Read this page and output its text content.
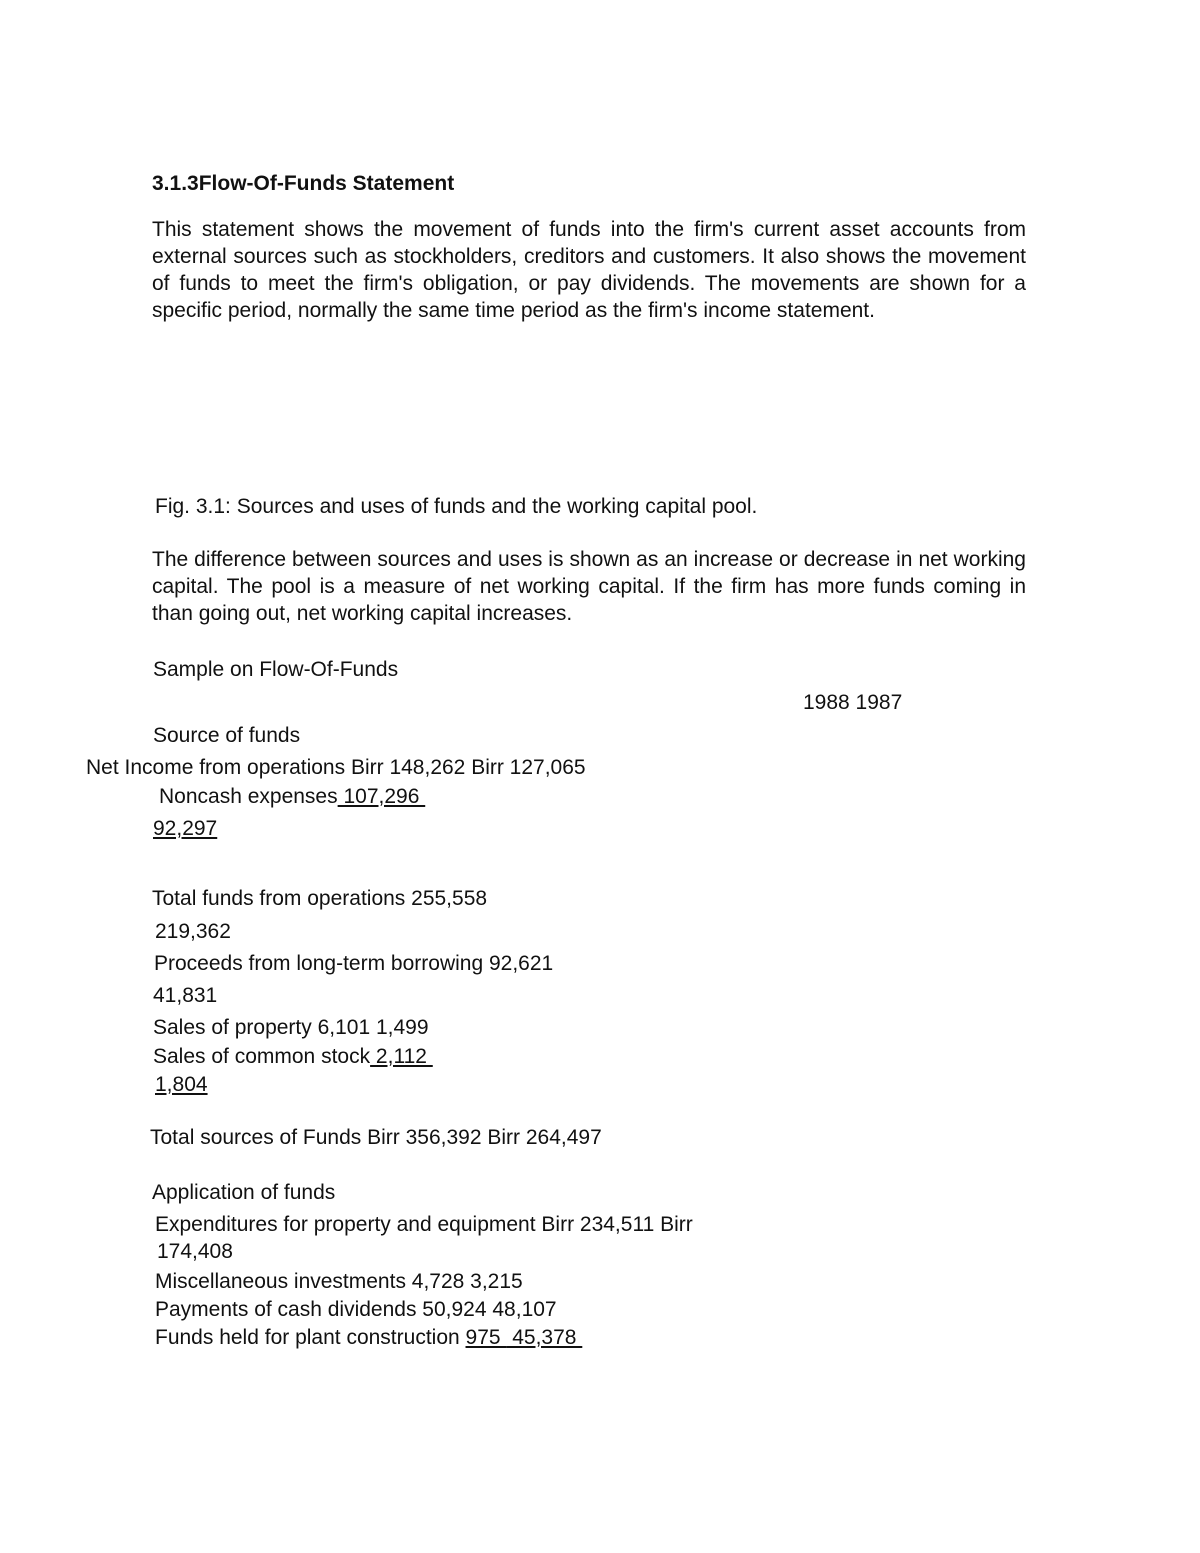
3.1.3Flow-Of-Funds Statement
This statement shows the movement of funds into the firm's current asset accounts from external sources such as stockholders, creditors and customers. It also shows the movement of funds to meet the firm's obligation, or pay dividends. The movements are shown for a specific period, normally the same time period as the firm's income statement.
Fig. 3.1: Sources and uses of funds and the working capital pool.
The difference between sources and uses is shown as an increase or decrease in net working capital. The pool is a measure of net working capital. If the firm has more funds coming in than going out, net working capital increases.
Sample on Flow-Of-Funds
1988 1987
Source of funds
Net Income from operations Birr 148,262 Birr 127,065
Noncash expenses 107,296
92,297
Total funds from operations 255,558
219,362
Proceeds from long-term borrowing 92,621
41,831
Sales of property 6,101 1,499
Sales of common stock 2,112
1,804
Total sources of Funds Birr 356,392 Birr 264,497
Application of funds
Expenditures for property and equipment Birr 234,511 Birr
174,408
Miscellaneous investments 4,728 3,215
Payments of cash dividends 50,924 48,107
Funds held for plant construction 975  45,378
